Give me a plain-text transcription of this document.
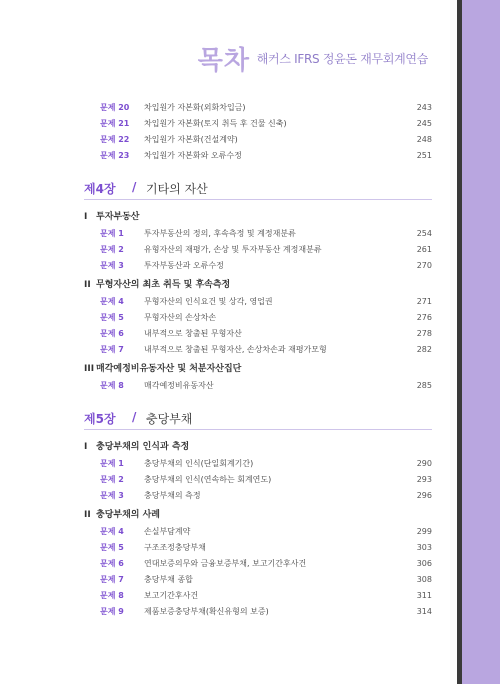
목차 해커스 IFRS 정윤돈 재무회계연습
문제 20 차입원가 자본화(외화차입금)	243
문제 21 차입원가 자본화(토지 취득 후 건물 신축)	245
문제 22 차입원가 자본화(건설계약)	248
문제 23 차입원가 자본화와 오류수정	251
제4장 / 기타의 자산
I 투자부동산
문제 1	투자부동산의 정의, 후속측정 및 계정재분류	254
문제 2	유형자산의 재평가, 손상 및 투자부동산 계정재분류	261
문제 3	투자부동산과 오류수정	270
II 무형자산의 최초 취득 및 후속측정
문제 4	무형자산의 인식요건 및 상각, 영업권	271
문제 5	무형자산의 손상차손	276
문제 6	내부적으로 창출된 무형자산	278
문제 7	내부적으로 창출된 무형자산, 손상차손과 재평가모형	282
III 매각예정비유동자산 및 처분자산집단
문제 8	매각예정비유동자산	285
제5장 / 충당부채
I 충당부채의 인식과 측정
문제 1	충당부채의 인식(단일회계기간)	290
문제 2	충당부채의 인식(연속하는 회계연도)	293
문제 3	충당부채의 측정	296
II 충당부채의 사례
문제 4	손실부담계약	299
문제 5	구조조정충당부채	303
문제 6	연대보증의무와 금융보증부채, 보고기간후사건	306
문제 7	충당부채 종합	308
문제 8	보고기간후사건	311
문제 9	제품보증충당부채(확신유형의 보증)	314
